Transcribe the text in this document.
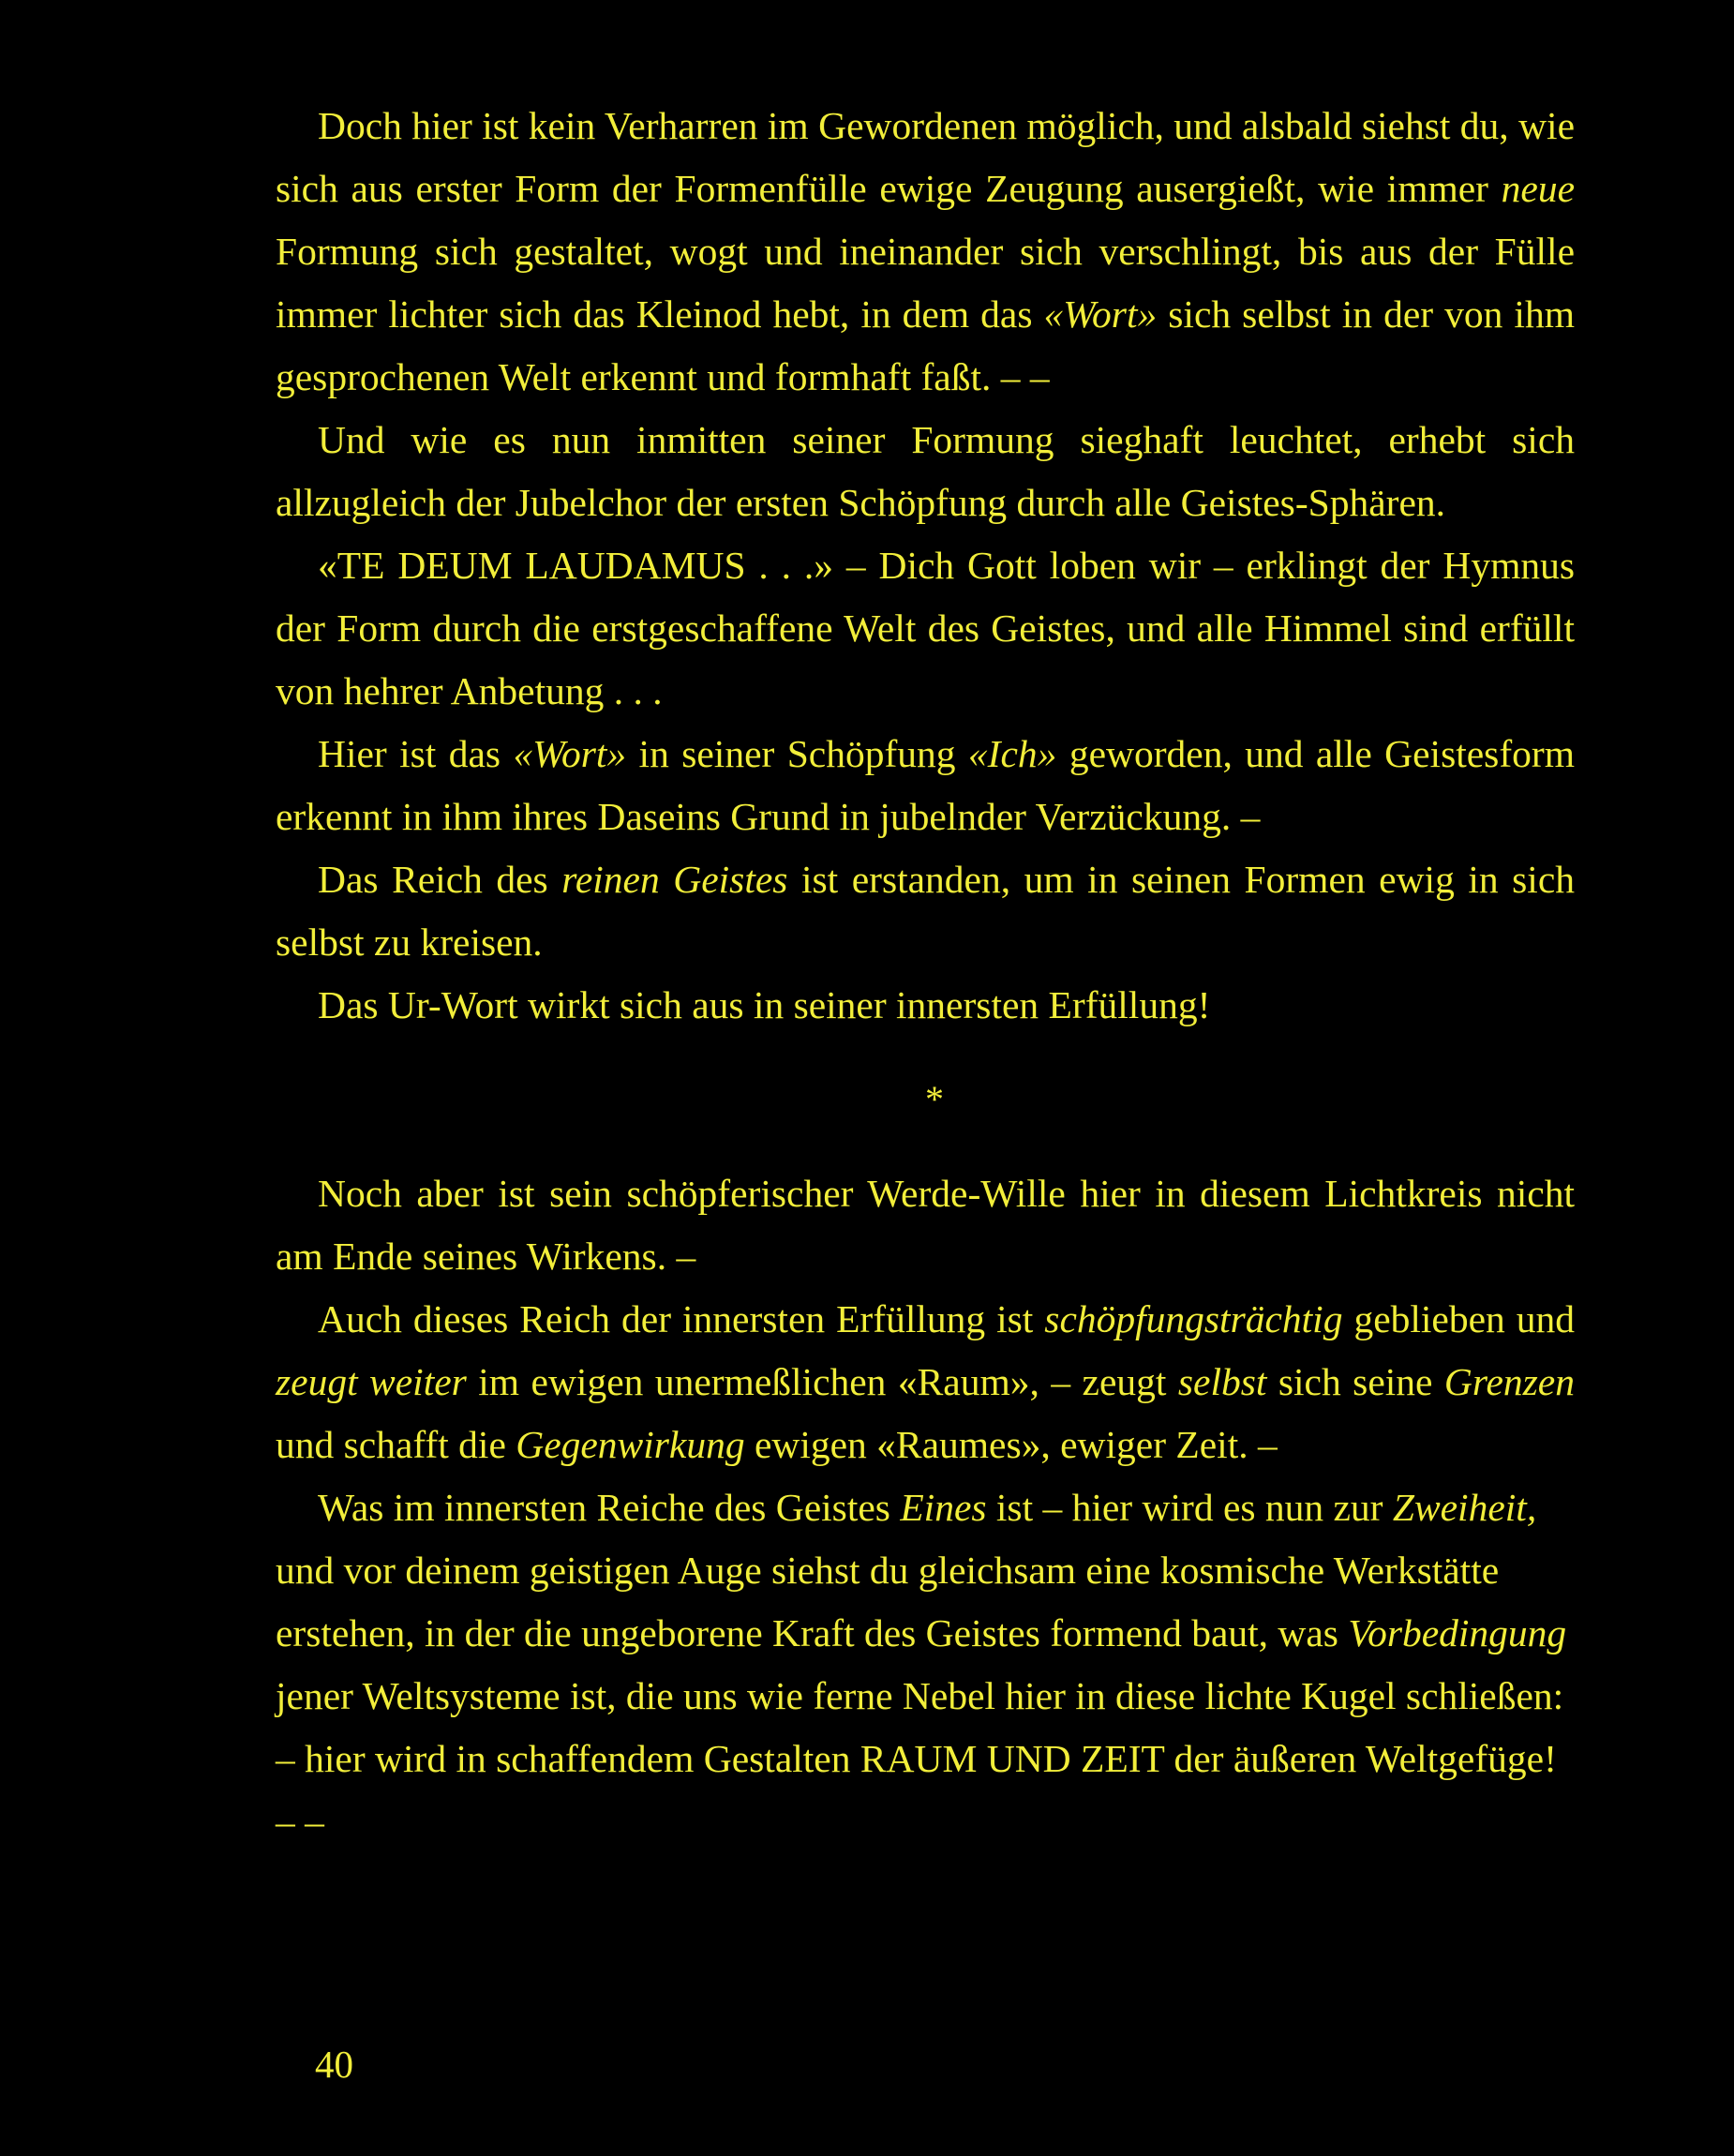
Doch hier ist kein Verharren im Gewordenen möglich, und alsbald siehst du, wie sich aus erster Form der Formenfülle ewige Zeugung ausergießt, wie immer neue Formung sich gestaltet, wogt und ineinander sich verschlingt, bis aus der Fülle immer lichter sich das Kleinod hebt, in dem das «Wort» sich selbst in der von ihm gesprochenen Welt erkennt und formhaft faßt. – –

Und wie es nun inmitten seiner Formung sieghaft leuchtet, erhebt sich allzugleich der Jubelchor der ersten Schöpfung durch alle Geistes-Sphären.

«TE DEUM LAUDAMUS . . .» – Dich Gott loben wir – erklingt der Hymnus der Form durch die erstgeschaffene Welt des Geistes, und alle Himmel sind erfüllt von hehrer Anbetung . . .

Hier ist das «Wort» in seiner Schöpfung «Ich» geworden, und alle Geistesform erkennt in ihm ihres Daseins Grund in jubelnder Verzückung. –

Das Reich des reinen Geistes ist erstanden, um in seinen Formen ewig in sich selbst zu kreisen.

Das Ur-Wort wirkt sich aus in seiner innersten Erfüllung!

*

Noch aber ist sein schöpferischer Werde-Wille hier in diesem Lichtkreis nicht am Ende seines Wirkens. –

Auch dieses Reich der innersten Erfüllung ist schöpfungsträchtig geblieben und zeugt weiter im ewigen unermeßlichen «Raum», – zeugt selbst sich seine Grenzen und schafft die Gegenwirkung ewigen «Raumes», ewiger Zeit. –

Was im innersten Reiche des Geistes Eines ist – hier wird es nun zur Zweiheit, und vor deinem geistigen Auge siehst du gleichsam eine kosmische Werkstätte erstehen, in der die ungeborene Kraft des Geistes formend baut, was Vorbedingung jener Weltsysteme ist, die uns wie ferne Nebel hier in diese lichte Kugel schließen: – hier wird in schaffendem Gestalten RAUM UND ZEIT der äußeren Weltgefüge! – –

40
